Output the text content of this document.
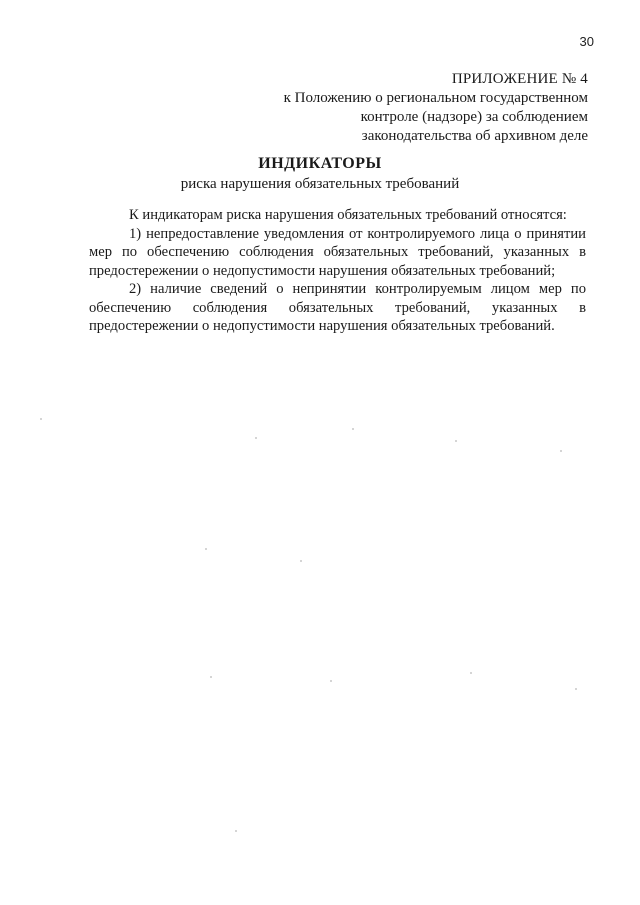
30
ПРИЛОЖЕНИЕ № 4
к Положению о региональном государственном
контроле (надзоре) за соблюдением
законодательства об архивном деле
ИНДИКАТОРЫ
риска нарушения обязательных требований

К индикаторам риска нарушения обязательных требований относятся:

1) непредоставление уведомления от контролируемого лица о принятии мер по обеспечению соблюдения обязательных требований, указанных в предостережении о недопустимости нарушения обязательных требований;

2) наличие сведений о непринятии контролируемым лицом мер по обеспечению соблюдения обязательных требований, указанных в предостережении о недопустимости нарушения обязательных требований.
